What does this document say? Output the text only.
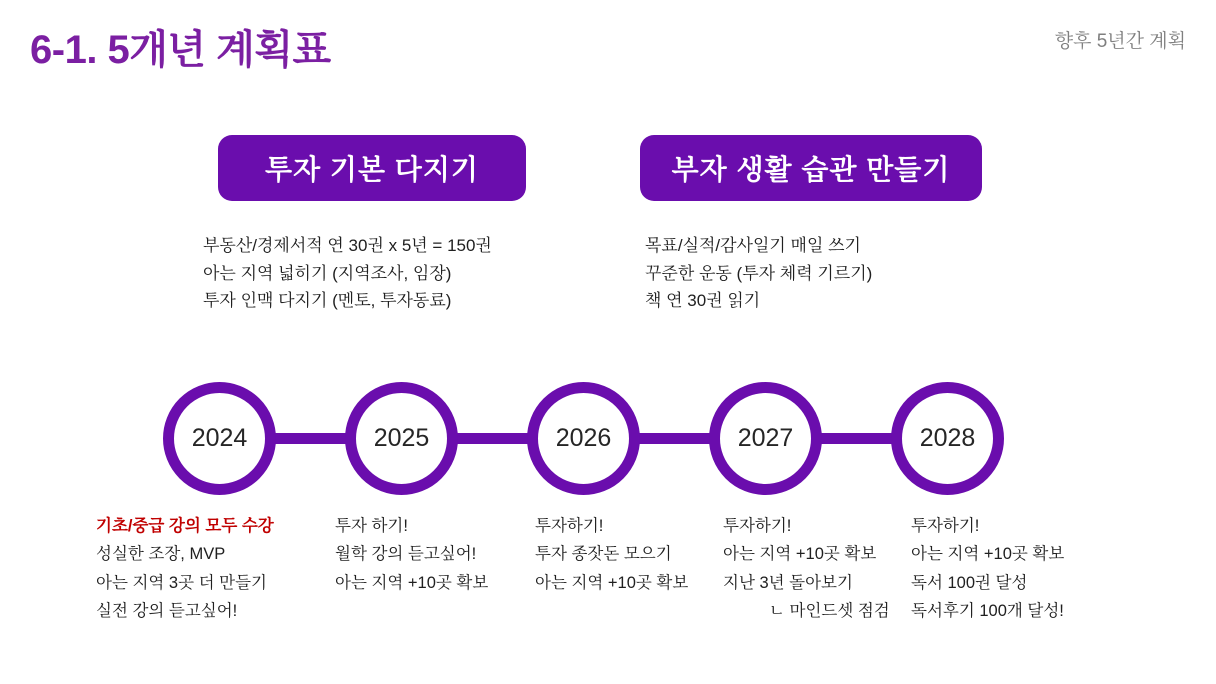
6-1. 5개년 계획표	향후 5년간 계획
투자 기본 다지기	부자 생활 습관 만들기
부동산/경제서적 연 30권 x 5년 = 150권
아는 지역 넓히기 (지역조사, 임장)
투자 인맥 다지기 (멘토, 투자동료)
목표/실적/감사일기 매일 쓰기
꾸준한 운동 (투자 체력 기르기)
책 연 30권 읽기
2024	2025	2026	2027	2028
기초/중급 강의 모두 수강
성실한 조장, MVP
아는 지역 3곳 더 만들기
실전 강의 듣고싶어!
투자 하기!
월학 강의 듣고싶어!
아는 지역 +10곳 확보
투자하기!
투자 종잣돈 모으기
아는 지역 +10곳 확보
투자하기!
아는 지역 +10곳 확보
지난 3년 돌아보기
ㄴ 마인드셋 점검
투자하기!
아는 지역 +10곳 확보
독서 100권 달성
독서후기 100개 달성!
